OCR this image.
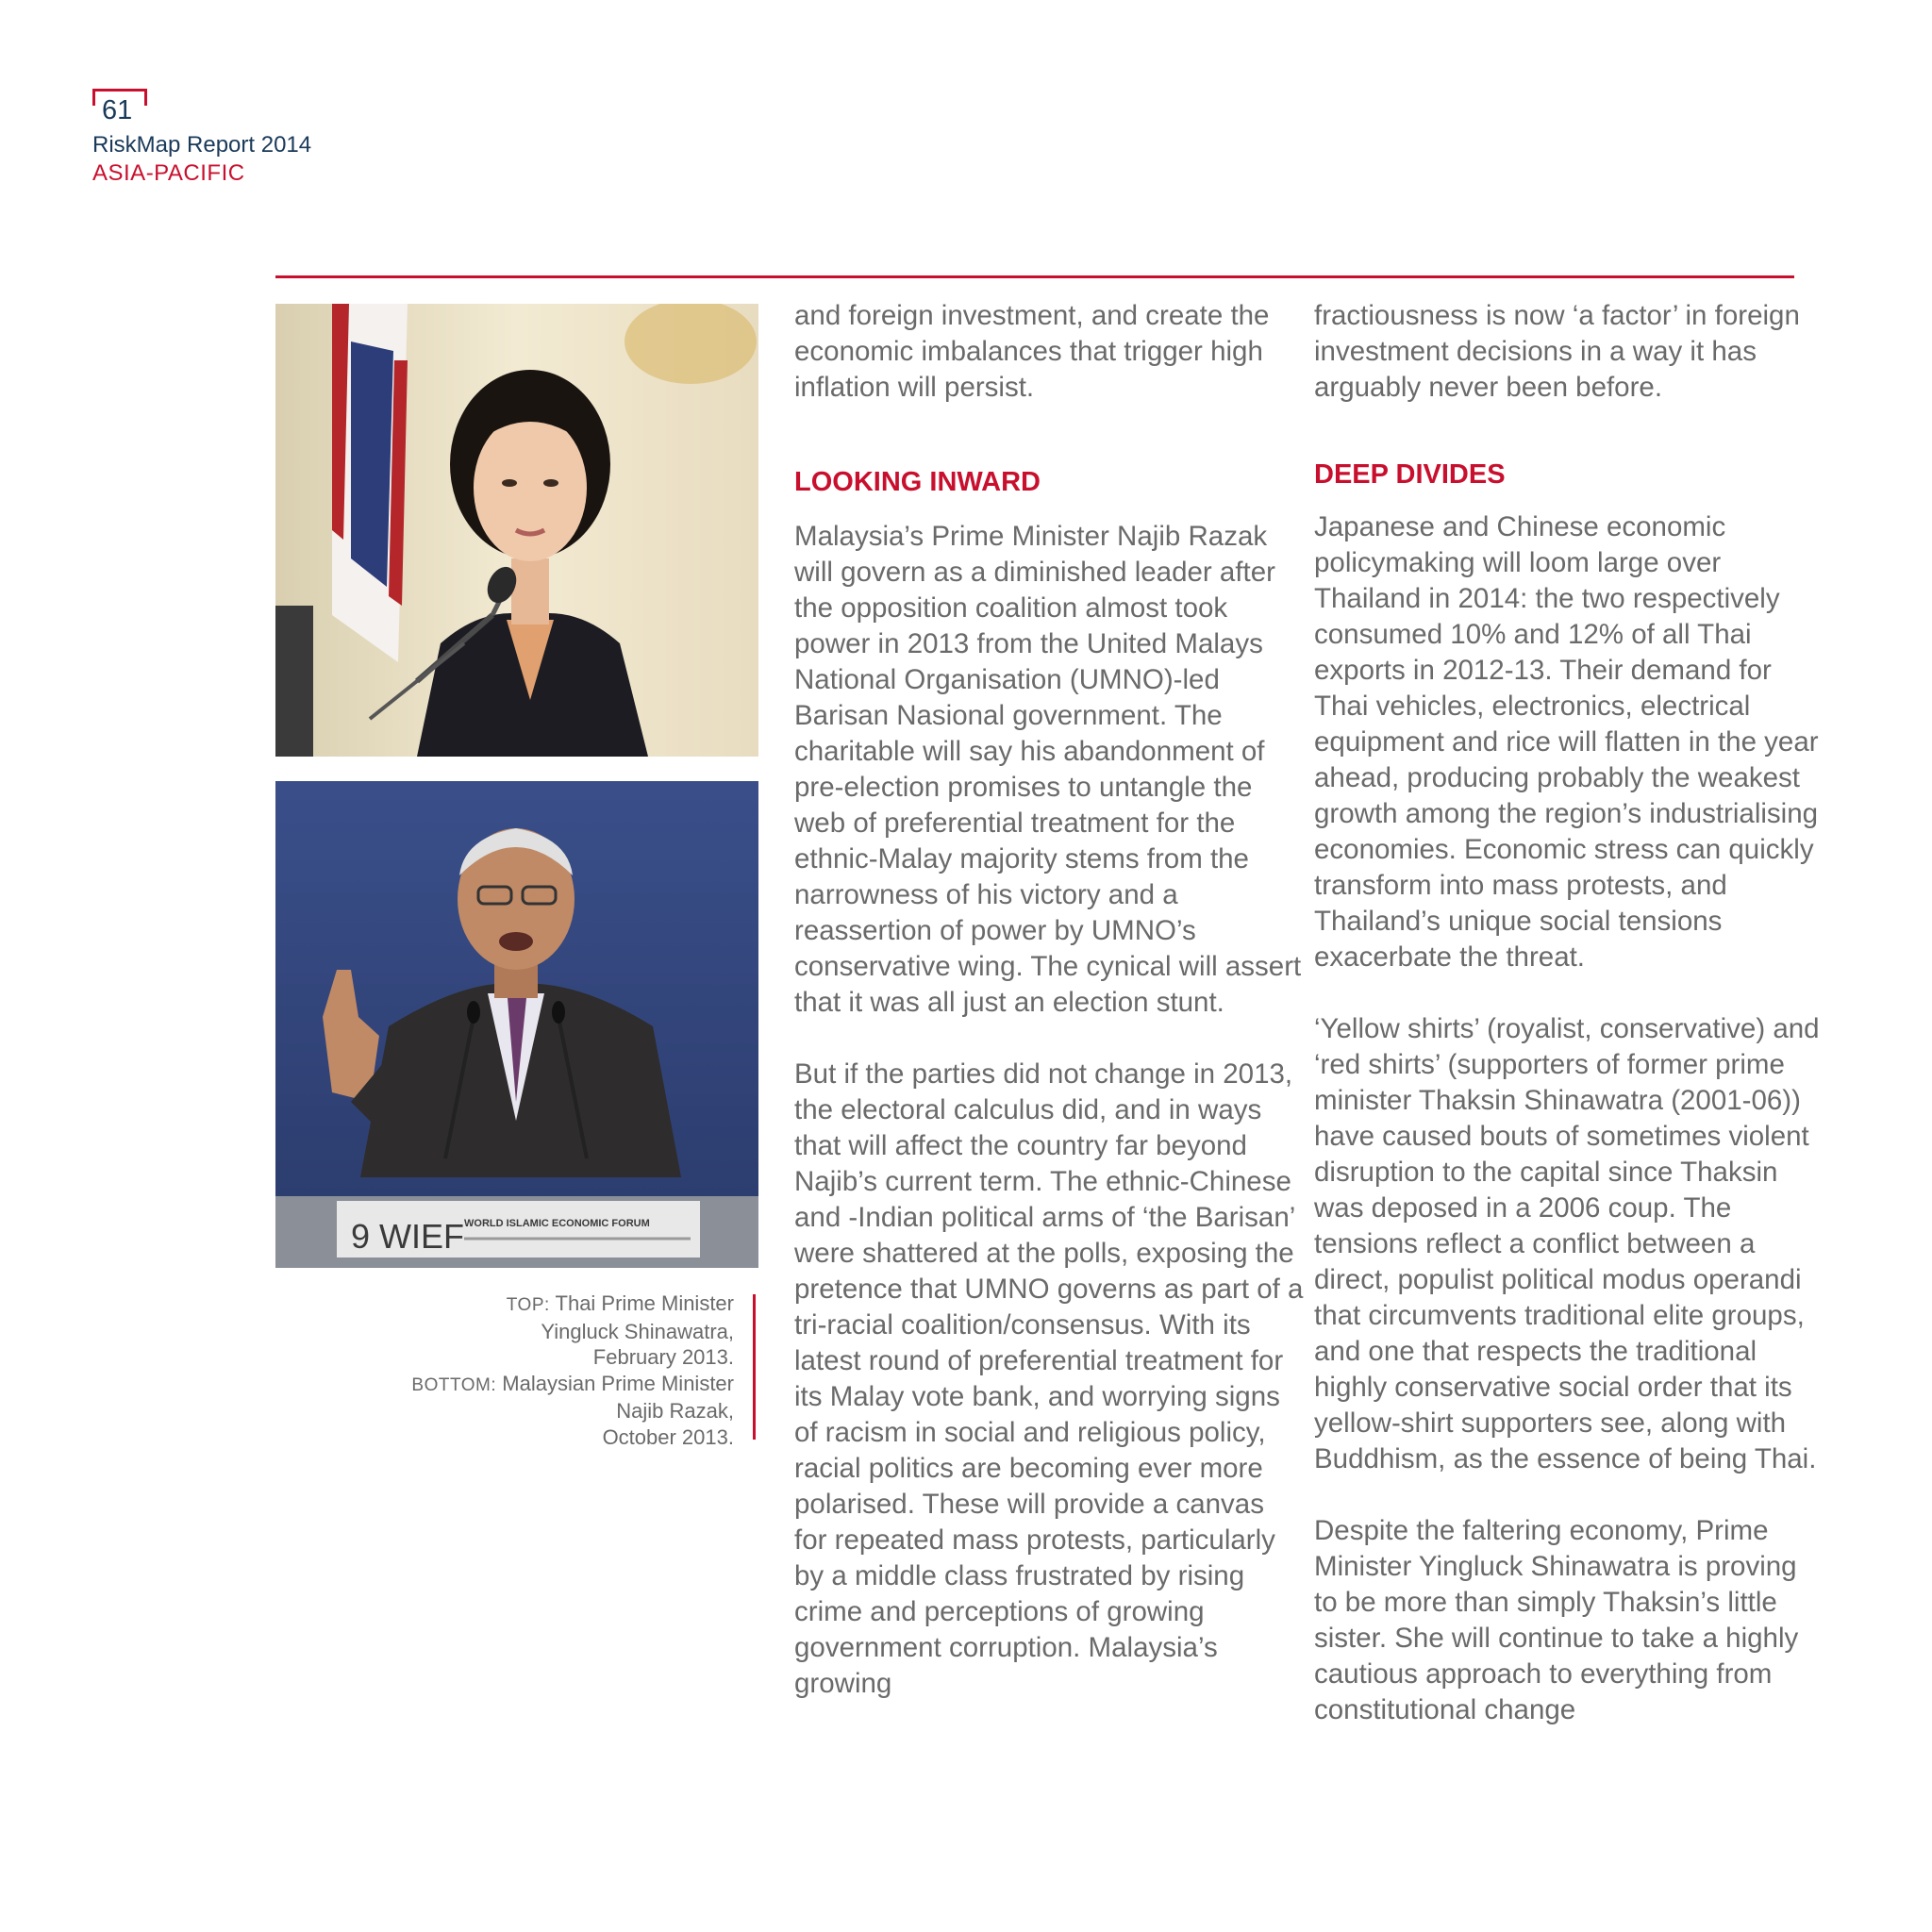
61
RiskMap Report 2014
ASIA-PACIFIC
9 WIEF WORLD ISLAMIC ECONOMIC FORUM
TOP: Thai Prime Minister
Yingluck Shinawatra,
February 2013.
BOTTOM: Malaysian Prime Minister
Najib Razak,
October 2013.

and foreign investment, and create the economic imbalances that trigger high inflation will persist.

LOOKING INWARD

Malaysia’s Prime Minister Najib Razak will govern as a diminished leader after the opposition coalition almost took power in 2013 from the United Malays National Organisation (UMNO)-led Barisan Nasional government. The charitable will say his abandonment of pre-election promises to untangle the web of preferential treatment for the ethnic-Malay majority stems from the narrowness of his victory and a reassertion of power by UMNO’s conservative wing. The cynical will assert that it was all just an election stunt.

But if the parties did not change in 2013, the electoral calculus did, and in ways that will affect the country far beyond Najib’s current term. The ethnic-Chinese and -Indian political arms of ‘the Barisan’ were shattered at the polls, exposing the pretence that UMNO governs as part of a tri-racial coalition/consensus. With its latest round of preferential treatment for its Malay vote bank, and worrying signs of racism in social and religious policy, racial politics are becoming ever more polarised. These will provide a canvas for repeated mass protests, particularly by a middle class frustrated by rising crime and perceptions of growing government corruption. Malaysia’s growing

fractiousness is now ‘a factor’ in foreign investment decisions in a way it has arguably never been before.

DEEP DIVIDES

Japanese and Chinese economic policymaking will loom large over Thailand in 2014: the two respectively consumed 10% and 12% of all Thai exports in 2012-13. Their demand for Thai vehicles, electronics, electrical equipment and rice will flatten in the year ahead, producing probably the weakest growth among the region’s industrialising economies. Economic stress can quickly transform into mass protests, and Thailand’s unique social tensions exacerbate the threat.

‘Yellow shirts’ (royalist, conservative) and ‘red shirts’ (supporters of former prime minister Thaksin Shinawatra (2001-06)) have caused bouts of sometimes violent disruption to the capital since Thaksin was deposed in a 2006 coup. The tensions reflect a conflict between a direct, populist political modus operandi that circumvents traditional elite groups, and one that respects the traditional highly conservative social order that its yellow-shirt supporters see, along with Buddhism, as the essence of being Thai.

Despite the faltering economy, Prime Minister Yingluck Shinawatra is proving to be more than simply Thaksin’s little sister. She will continue to take a highly cautious approach to everything from constitutional change
